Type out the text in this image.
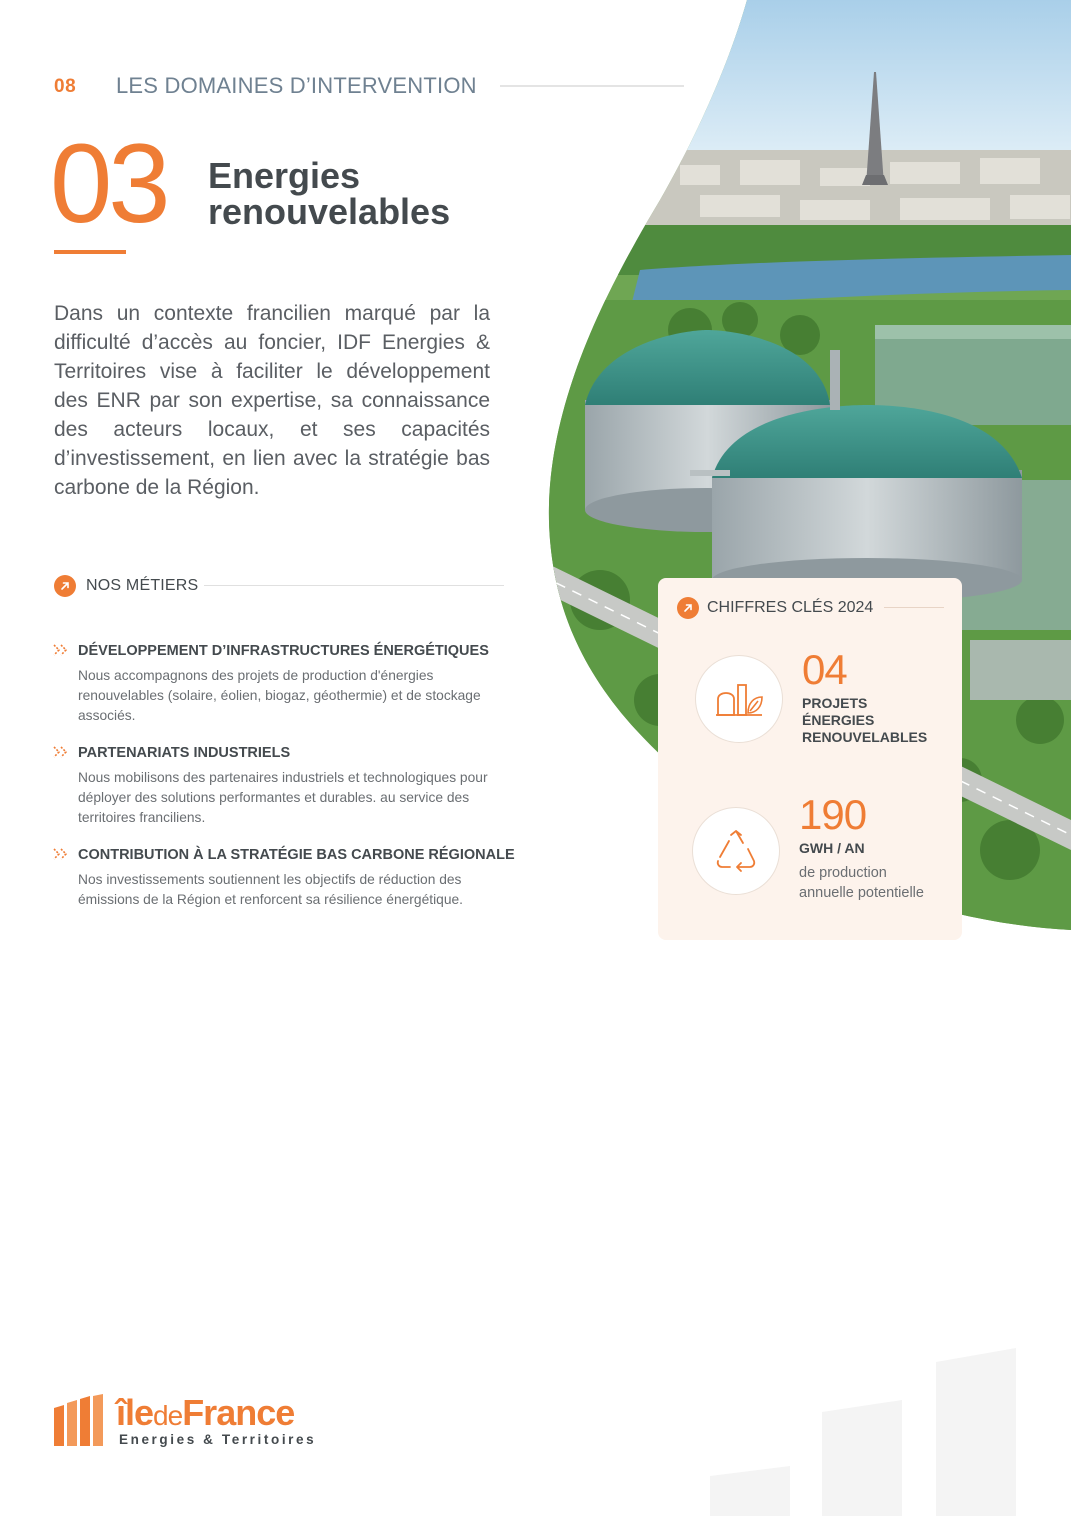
08 LES DOMAINES D’INTERVENTION
03 Energies
renouvelables
Dans un contexte francilien marqué par la difficulté d’accès au foncier, IDF Energies & Territoires vise à faciliter le développement des ENR par son expertise, sa connaissance des acteurs locaux, et ses capacités d’investissement, en lien avec la stratégie bas carbone de la Région.
NOS MÉTIERS
DÉVELOPPEMENT D’INFRASTRUCTURES ÉNERGÉTIQUES
Nous accompagnons des projets de production d'énergies renouvelables (solaire, éolien, biogaz, géothermie) et de stockage associés.
PARTENARIATS INDUSTRIELS
Nous mobilisons des partenaires industriels et technologiques pour déployer des solutions performantes et durables. au service des territoires franciliens.
CONTRIBUTION À LA STRATÉGIE BAS CARBONE RÉGIONALE
Nos investissements soutiennent les objectifs de réduction des émissions de la Région et renforcent sa résilience énergétique.
CHIFFRES CLÉS 2024
04
PROJETS
ÉNERGIES
RENOUVELABLES
190
GWH / AN
de production
annuelle potentielle
îledeFrance
Energies & Territoires
